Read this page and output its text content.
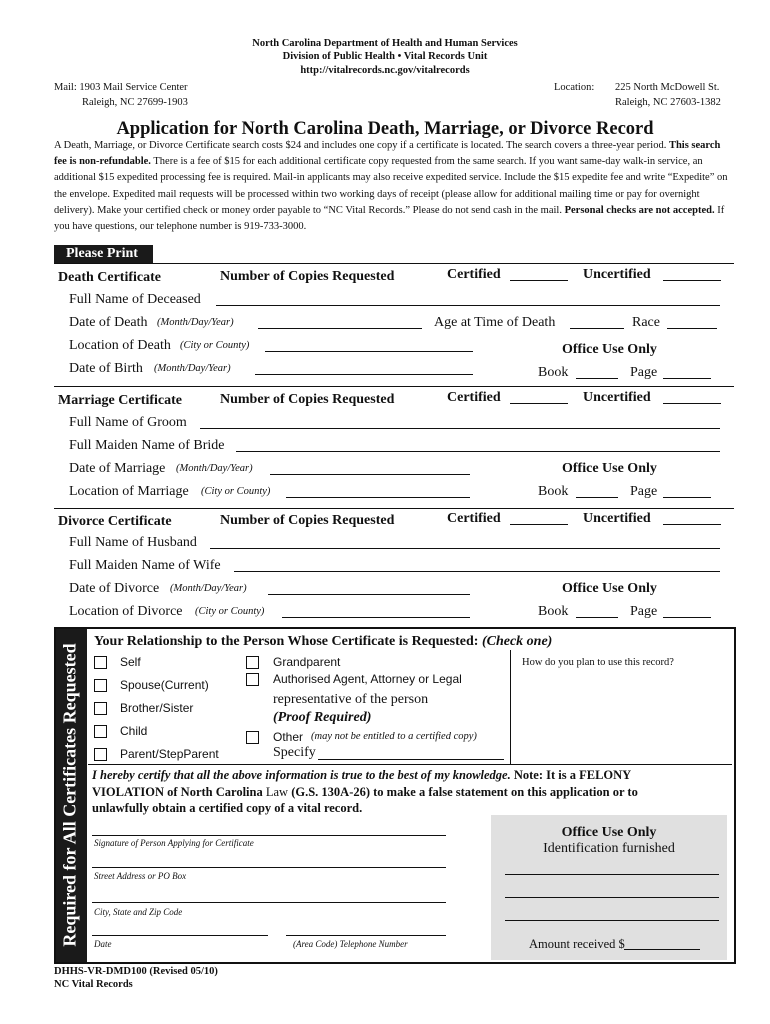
North Carolina Department of Health and Human Services
Division of Public Health • Vital Records Unit
http://vitalrecords.nc.gov/vitalrecords
Mail: 1903 Mail Service Center
Raleigh, NC 27699-1903
Location: 225 North McDowell St.
Raleigh, NC 27603-1382
Application for North Carolina Death, Marriage, or Divorce Record
A Death, Marriage, or Divorce Certificate search costs $24 and includes one copy if a certificate is located. The search covers a three-year period. This search fee is non-refundable. There is a fee of $15 for each additional certificate copy requested from the same search. If you want same-day walk-in service, an additional $15 expedited processing fee is required. Mail-in applicants may also receive expedited service. Include the $15 expedite fee and write “Expedite” on the envelope. Expedited mail requests will be processed within two working days of receipt (please allow for additional mailing time or pay for overnight delivery). Make your certified check or money order payable to “NC Vital Records.” Please do not send cash in the mail. Personal checks are not accepted. If you have questions, our telephone number is 919-733-3000.
Please Print
Death Certificate	Number of Copies Requested	Certified	Uncertified
Full Name of Deceased
Date of Death (Month/Day/Year)	Age at Time of Death	Race
Location of Death (City or County)	Office Use Only
Date of Birth (Month/Day/Year)	Book	Page
Marriage Certificate	Number of Copies Requested	Certified	Uncertified
Full Name of Groom
Full Maiden Name of Bride
Date of Marriage (Month/Day/Year)	Office Use Only
Location of Marriage (City or County)	Book	Page
Divorce Certificate	Number of Copies Requested	Certified	Uncertified
Full Name of Husband
Full Maiden Name of Wife
Date of Divorce (Month/Day/Year)	Office Use Only
Location of Divorce (City or County)	Book	Page
Required for All Certificates Requested
Your Relationship to the Person Whose Certificate is Requested: (Check one)
Self
Spouse(Current)
Brother/Sister
Child
Parent/StepParent
Grandparent
Authorised Agent, Attorney or Legal
representative of the person
(Proof Required)
Other (may not be entitled to a certified copy)
Specify
How do you plan to use this record?
I hereby certify that all the above information is true to the best of my knowledge. Note: It is a FELONY
VIOLATION of North Carolina Law (G.S. 130A-26) to make a false statement on this application or to
unlawfully obtain a certified copy of a vital record.
Signature of Person Applying for Certificate
Street Address or PO Box
City, State and Zip Code
Date	(Area Code) Telephone Number
Office Use Only
Identification furnished
Amount received $
DHHS-VR-DMD100 (Revised 05/10)
NC Vital Records
